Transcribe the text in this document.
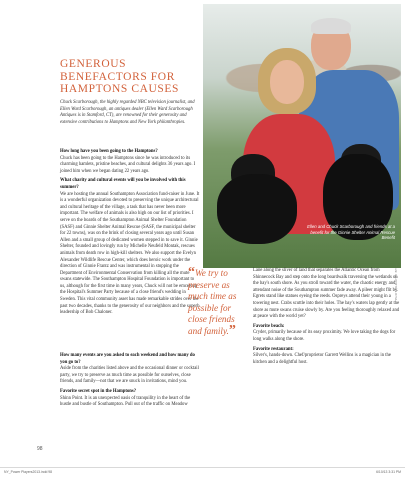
Ellen and Chuck Scarborough and friends at a benefit for the Ginnie Shelter Animal Rescue Benefit
GENEROUS BENEFACTORS FOR HAMPTONS CAUSES

Chuck Scarborough, the highly regarded NBC television journalist, and Ellen Ward Scarborough, an antiques dealer (Ellen Ward Scarborough Antiques is in Stamford, CT), are renowned for their generosity and extensive contributions to Hamptons and New York philanthropies.

How long have you been going to the Hamptons?
Chuck has been going to the Hamptons since he was introduced to its charming hamlets, pristine beaches, and cultural delights 36 years ago. I joined him when we began dating 22 years ago.
What charity and cultural events will you be involved with this summer?
We are hosting the annual Southampton Association fund-raiser in June. It is a wonderful organization devoted to preserving the unique architectural and cultural heritage of the village, a task that has never been more important. The welfare of animals is also high on our list of priorities. I serve on the boards of the Southampton Animal Shelter Foundation (SASF) and Ginnie Shelter Animal Rescue (SASF, the municipal shelter for 22 towns), was on the brink of closing several years ago until Susan Allen and a small group of dedicated women stepped in to save it. Ginnie Shelter, founded and lovingly run by Michelle Neufeld Montak, rescues animals from death row in high-kill shelters. We also support the Evelyn Alexander Wildlife Rescue Center, which does heroic work under the direction of Ginnie Frantz and was instrumental in stopping the Department of Environmental Conservation from killing all the mute swans statewide. The Southampton Hospital Foundation is important to us, although for the first time in many years, Chuck will not be emceeing the Hospital's Summer Party because of a close friend's wedding in Sweden. This vital community asset has made remarkable strides over the past two decades, thanks to the generosity of our neighbors and the superb leadership of Bob Chaloner.
“We try to preserve as much time as possible for close friends and family.”
How many events are you asked to each weekend and how many do you go to?
Aside from the charities listed above and the occasional dinner or cocktail party, we try to preserve as much time as possible for ourselves, close friends, and family—not that we are snuck in invitations, mind you.
Favorite secret spot in the Hamptons?
Shinn Point. It is an unexpected oasis of tranquility in the heart of the hustle and bustle of Southampton. Pull out of the traffic on Meadow
Lane along the sliver of land that separates the Atlantic Ocean from Shinnecock Bay and step onto the long boardwalk traversing the wetlands on the bay's south shore. As you stroll toward the water, the chaotic energy and attendant noise of the Southampton summer fade away. A pileer might flit by. Egrets stand like statues eyeing the reeds. Ospreys attend their young in a towering nest. Crabs scuttle into their holes. The bay's waters lap gently at the shore as mute swans cruise slowly by. Are you feeling thoroughly relaxed and at peace with the world yet?
Favorite beach:
Cryder, primarily because of its easy proximity. We love taking the dogs for long walks along the shore.
Favorite restaurant:
Silver's, hands-down. Chef/proprietor Garrett Wellins is a magician in the kitchen and a delightful host.
PHOTOGRAPHY BY ...
98
NY_Power Players2013.indd 98	6/10/13 3:31 PM
